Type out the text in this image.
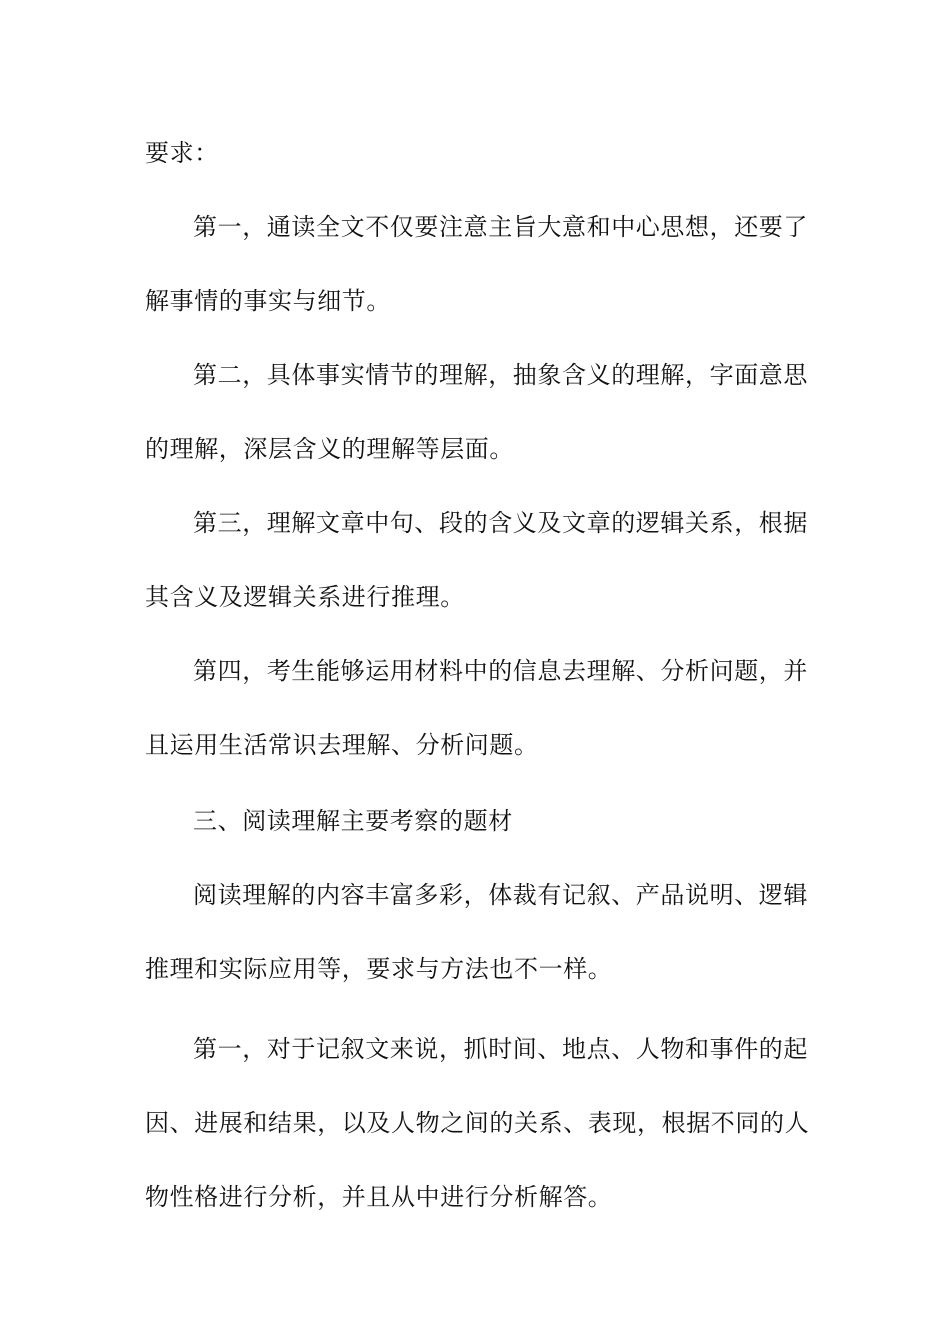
要求：
第一，通读全文不仅要注意主旨大意和中心思想，还要了
解事情的事实与细节。
第二，具体事实情节的理解，抽象含义的理解，字面意思
的理解，深层含义的理解等层面。
第三，理解文章中句、段的含义及文章的逻辑关系，根据
其含义及逻辑关系进行推理。
第四，考生能够运用材料中的信息去理解、分析问题，并
且运用生活常识去理解、分析问题。
三、阅读理解主要考察的题材
阅读理解的内容丰富多彩，体裁有记叙、产品说明、逻辑
推理和实际应用等，要求与方法也不一样。
第一，对于记叙文来说，抓时间、地点、人物和事件的起
因、进展和结果，以及人物之间的关系、表现，根据不同的人
物性格进行分析，并且从中进行分析解答。
